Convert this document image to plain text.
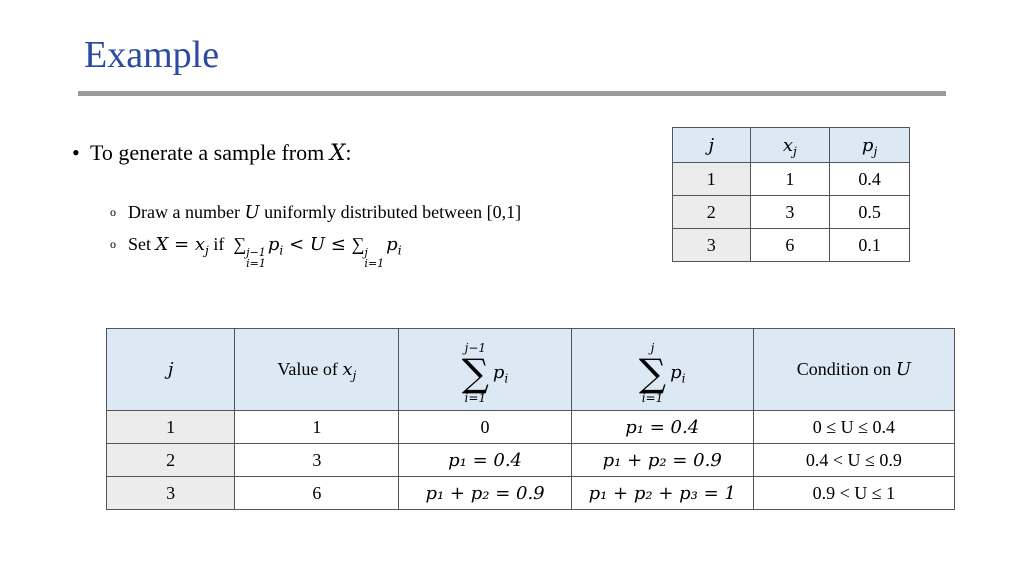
Example
• To generate a sample from X:
o Draw a number U uniformly distributed between [0,1]
o Set $X = x_j$ if  ∑ j−1
i=1
$p_i < U$ ≤ ∑ j
i=1
$p_i$
j	$x_j$	$p_j$
1	1	0.4
2	3	0.5
3	6	0.1
j	Value of $x_j$	j−1
∑
i=1
$p_i$	j
∑
i=1
$p_i$	Condition on U
1	1	0	p₁ = 0.4	0 ≤ U ≤ 0.4
2	3	p₁ = 0.4	p₁ + p₂ = 0.9	0.4 < U ≤ 0.9
3	6	p₁ + p₂ = 0.9	p₁ + p₂ + p₃ = 1	0.9 < U ≤ 1
